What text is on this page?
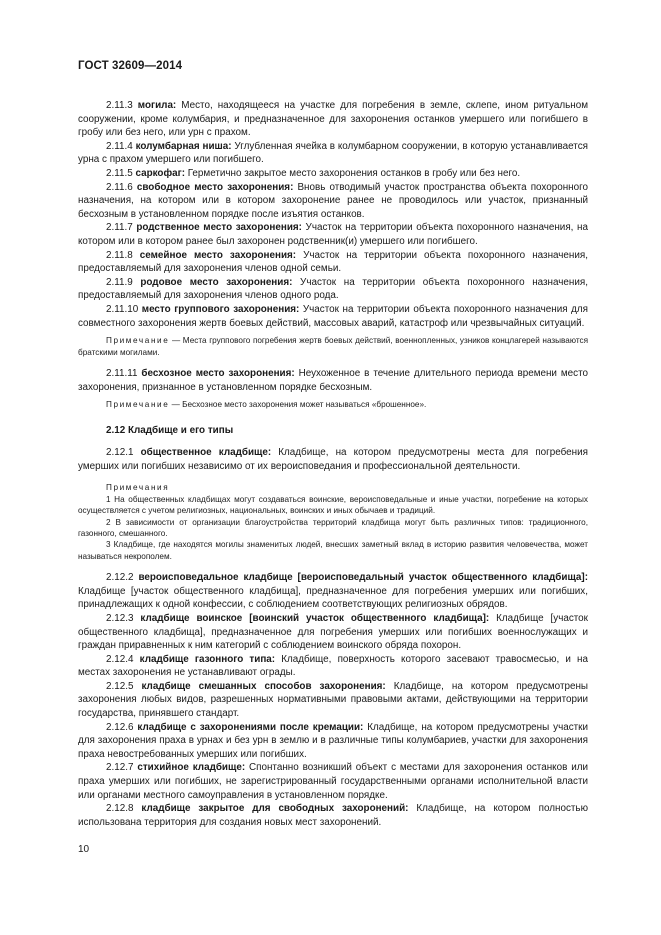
ГОСТ 32609—2014

2.11.3 могила: Место, находящееся на участке для погребения в земле, склепе, ином ритуальном сооружении, кроме колумбария, и предназначенное для захоронения останков умершего или погибшего в гробу или без него, или урн с прахом.

2.11.4 колумбарная ниша: Углубленная ячейка в колумбарном сооружении, в которую устанавливается урна с прахом умершего или погибшего.

2.11.5 саркофаг: Герметично закрытое место захоронения останков в гробу или без него.

2.11.6 свободное место захоронения: Вновь отводимый участок пространства объекта похоронного назначения, на котором или в котором захоронение ранее не проводилось или участок, признанный бесхозным в установленном порядке после изъятия останков.

2.11.7 родственное место захоронения: Участок на территории объекта похоронного назначения, на котором или в котором ранее был захоронен родственник(и) умершего или погибшего.

2.11.8 семейное место захоронения: Участок на территории объекта похоронного назначения, предоставляемый для захоронения членов одной семьи.

2.11.9 родовое место захоронения: Участок на территории объекта похоронного назначения, предоставляемый для захоронения членов одного рода.

2.11.10 место группового захоронения: Участок на территории объекта похоронного назначения для совместного захоронения жертв боевых действий, массовых аварий, катастроф или чрезвычайных ситуаций.

Примечание — Места группового погребения жертв боевых действий, военнопленных, узников концлагерей называются братскими могилами.

2.11.11 бесхозное место захоронения: Неухоженное в течение длительного периода времени место захоронения, признанное в установленном порядке бесхозным.

Примечание — Бесхозное место захоронения может называться «брошенное».

2.12 Кладбище и его типы

2.12.1 общественное кладбище: Кладбище, на котором предусмотрены места для погребения умерших или погибших независимо от их вероисповедания и профессиональной деятельности.

Примечания

1 На общественных кладбищах могут создаваться воинские, вероисповедальные и иные участки, погребение на которых осуществляется с учетом религиозных, национальных, воинских и иных обычаев и традиций.

2 В зависимости от организации благоустройства территорий кладбища могут быть различных типов: традиционного, газонного, смешанного.

3 Кладбище, где находятся могилы знаменитых людей, внесших заметный вклад в историю развития человечества, может называться некрополем.

2.12.2 вероисповедальное кладбище [вероисповедальный участок общественного кладбища]: Кладбище [участок общественного кладбища], предназначенное для погребения умерших или погибших, принадлежащих к одной конфессии, с соблюдением соответствующих религиозных обрядов.

2.12.3 кладбище воинское [воинский участок общественного кладбища]: Кладбище [участок общественного кладбища], предназначенное для погребения умерших или погибших военнослужащих и граждан приравненных к ним категорий с соблюдением воинского обряда похорон.

2.12.4 кладбище газонного типа: Кладбище, поверхность которого засевают травосмесью, и на местах захоронения не устанавливают ограды.

2.12.5 кладбище смешанных способов захоронения: Кладбище, на котором предусмотрены захоронения любых видов, разрешенных нормативными правовыми актами, действующими на территории государства, принявшего стандарт.

2.12.6 кладбище с захоронениями после кремации: Кладбище, на котором предусмотрены участки для захоронения праха в урнах и без урн в землю и в различные типы колумбариев, участки для захоронения праха невостребованных умерших или погибших.

2.12.7 стихийное кладбище: Спонтанно возникший объект с местами для захоронения останков или праха умерших или погибших, не зарегистрированный государственными органами исполнительной власти или органами местного самоуправления в установленном порядке.

2.12.8 кладбище закрытое для свободных захоронений: Кладбище, на котором полностью использована территория для создания новых мест захоронений.

10
